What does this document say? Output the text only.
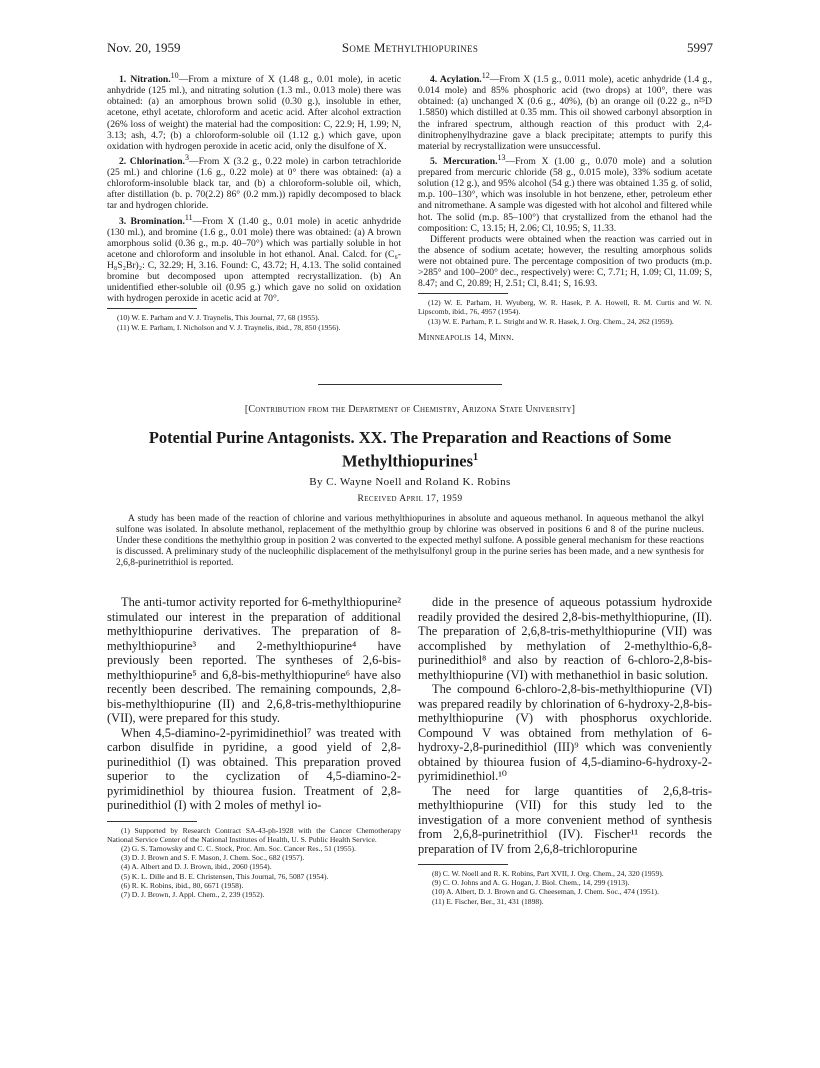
Nov. 20, 1959	Some Methylthiopurines	5997

1. Nitration.$^{10}$—From a mixture of X (1.48 g., 0.01 mole), in acetic anhydride (125 ml.), and nitrating solution (1.3 ml., 0.013 mole) there was obtained: (a) an amorphous brown solid (0.30 g.), insoluble in ether, acetone, ethyl acetate, chloroform and acetic acid. After alcohol extraction (26% loss of weight) the material had the composition: C, 22.9; H, 1.99; N, 3.13; ash, 4.7; (b) a chloroform-soluble oil (1.12 g.) which gave, upon oxidation with hydrogen peroxide in acetic acid, only the disulfone of X.

2. Chlorination.$^3$—From X (3.2 g., 0.22 mole) in carbon tetrachloride (25 ml.) and chlorine (1.6 g., 0.22 mole) at 0° there was obtained: (a) a chloroform-insoluble black tar, and (b) a chloroform-soluble oil, which, after distillation (b. p. 70(2.2) 86° (0.2 mm.)) rapidly decomposed to black tar and hydrogen chloride.

3. Bromination.$^{11}$—From X (1.40 g., 0.01 mole) in acetic anhydride (130 ml.), and bromine (1.6 g., 0.01 mole) there was obtained: (a) A brown amorphous solid (0.36 g., m.p. 40–70°) which was partially soluble in hot acetone and chloroform and insoluble in hot ethanol. Anal. Calcd. for (C₆-H₈S₂Br)₂: C, 32.29; H, 3.16. Found: C, 43.72; H, 4.13. The solid contained bromine but decomposed upon attempted recrystallization. (b) An unidentified ether-soluble oil (0.95 g.) which gave no solid on oxidation with hydrogen peroxide in acetic acid at 70°.

(10) W. E. Parham and V. J. Traynelis, This Journal, 77, 68 (1955).

(11) W. E. Parham, I. Nicholson and V. J. Traynelis, ibid., 78, 850 (1956).

4. Acylation.$^{12}$—From X (1.5 g., 0.011 mole), acetic anhydride (1.4 g., 0.014 mole) and 85% phosphoric acid (two drops) at 100°, there was obtained: (a) unchanged X (0.6 g., 40%), (b) an orange oil (0.22 g., n²⁵D 1.5850) which distilled at 0.35 mm. This oil showed carbonyl absorption in the infrared spectrum, although reaction of this product with 2,4-dinitrophenylhydrazine gave a black precipitate; attempts to purify this material by recrystallization were unsuccessful.

5. Mercuration.$^{13}$—From X (1.00 g., 0.070 mole) and a solution prepared from mercuric chloride (58 g., 0.015 mole), 33% sodium acetate solution (12 g.), and 95% alcohol (54 g.) there was obtained 1.35 g. of solid, m.p. 100–130°, which was insoluble in hot benzene, ether, petroleum ether and nitromethane. A sample was digested with hot alcohol and filtered while hot. The solid (m.p. 85–100°) that crystallized from the ethanol had the composition: C, 13.15; H, 2.06; Cl, 10.95; S, 11.33.

Different products were obtained when the reaction was carried out in the absence of sodium acetate; however, the resulting amorphous solids were not obtained pure. The percentage composition of two products (m.p. >285° and 100–200° dec., respectively) were: C, 7.71; H, 1.09; Cl, 11.09; S, 8.47; and C, 20.89; H, 2.51; Cl, 8.41; S, 16.93.

(12) W. E. Parham, H. Wyuberg, W. R. Hasek, P. A. Howell, R. M. Curtis and W. N. Lipscomb, ibid., 76, 4957 (1954).

(13) W. E. Parham, P. L. Stright and W. R. Hasek, J. Org. Chem., 24, 262 (1959).

Minneapolis 14, Minn.
[Contribution from the Department of Chemistry, Arizona State University]
Potential Purine Antagonists. XX. The Preparation and Reactions of Some
Methylthiopurines$^1$
By C. Wayne Noell and Roland K. Robins
Received April 17, 1959
A study has been made of the reaction of chlorine and various methylthiopurines in absolute and aqueous methanol. In aqueous methanol the alkyl sulfone was isolated. In absolute methanol, replacement of the methylthio group by chlorine was observed in positions 6 and 8 of the purine nucleus. Under these conditions the methylthio group in position 2 was converted to the expected methyl sulfone. A possible general mechanism for these reactions is discussed. A preliminary study of the nucleophilic displacement of the methylsulfonyl group in the purine series has been made, and a new synthesis for 2,6,8-purinetrithiol is reported.

The anti-tumor activity reported for 6-methylthiopurine² stimulated our interest in the preparation of additional methylthiopurine derivatives. The preparation of 8-methylthiopurine³ and 2-methylthiopurine⁴ have previously been reported. The syntheses of 2,6-bis-methylthiopurine⁵ and 6,8-bis-methylthiopurine⁶ have also recently been described. The remaining compounds, 2,8-bis-methylthiopurine (II) and 2,6,8-tris-methylthiopurine (VII), were prepared for this study.

When 4,5-diamino-2-pyrimidinethiol⁷ was treated with carbon disulfide in pyridine, a good yield of 2,8-purinedithiol (I) was obtained. This preparation proved superior to the cyclization of 4,5-diamino-2-pyrimidinethiol by thiourea fusion. Treatment of 2,8-purinedithiol (I) with 2 moles of methyl io-

(1) Supported by Research Contract SA-43-ph-1928 with the Cancer Chemotherapy National Service Center of the National Institutes of Health, U. S. Public Health Service.

(2) G. S. Tarnowsky and C. C. Stock, Proc. Am. Soc. Cancer Res., 51 (1955).

(3) D. J. Brown and S. F. Mason, J. Chem. Soc., 682 (1957).

(4) A. Albert and D. J. Brown, ibid., 2060 (1954).

(5) K. L. Dille and B. E. Christensen, This Journal, 76, 5087 (1954).

(6) R. K. Robins, ibid., 80, 6671 (1958).

(7) D. J. Brown, J. Appl. Chem., 2, 239 (1952).

dide in the presence of aqueous potassium hydroxide readily provided the desired 2,8-bis-methylthiopurine, (II). The preparation of 2,6,8-tris-methylthiopurine (VII) was accomplished by methylation of 2-methylthio-6,8-purinedithiol⁸ and also by reaction of 6-chloro-2,8-bis-methylthiopurine (VI) with methanethiol in basic solution.

The compound 6-chloro-2,8-bis-methylthiopurine (VI) was prepared readily by chlorination of 6-hydroxy-2,8-bis-methylthiopurine (V) with phosphorus oxychloride. Compound V was obtained from methylation of 6-hydroxy-2,8-purinedithiol (III)⁹ which was conveniently obtained by thiourea fusion of 4,5-diamino-6-hydroxy-2-pyrimidinethiol.¹⁰

The need for large quantities of 2,6,8-tris-methylthiopurine (VII) for this study led to the investigation of a more convenient method of synthesis from 2,6,8-purinetrithiol (IV). Fischer¹¹ records the preparation of IV from 2,6,8-trichloropurine

(8) C. W. Noell and R. K. Robins, Part XVII, J. Org. Chem., 24, 320 (1959).

(9) C. O. Johns and A. G. Hogan, J. Biol. Chem., 14, 299 (1913).

(10) A. Albert, D. J. Brown and G. Cheeseman, J. Chem. Soc., 474 (1951).

(11) E. Fischer, Ber., 31, 431 (1898).
